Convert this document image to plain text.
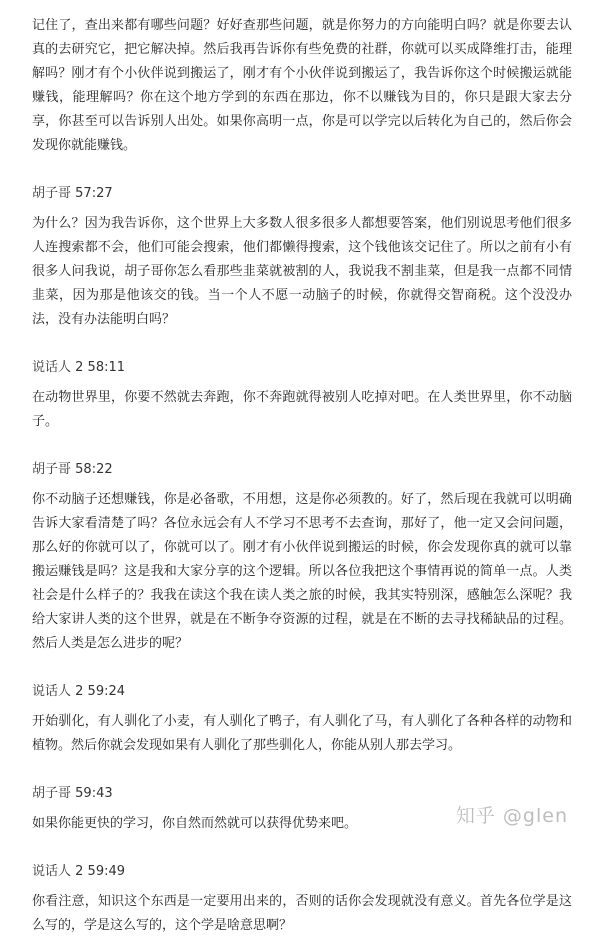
记住了，查出来都有哪些问题？好好查那些问题，就是你努力的方向能明白吗？就是你要去认真的去研究它，把它解决掉。然后我再告诉你有些免费的社群，你就可以买成降维打击，能理解吗？刚才有个小伙伴说到搬运了，刚才有个小伙伴说到搬运了，我告诉你这个时候搬运就能赚钱，能理解吗？你在这个地方学到的东西在那边，你不以赚钱为目的，你只是跟大家去分享，你甚至可以告诉别人出处。如果你高明一点，你是可以学完以后转化为自己的，然后你会发现你就能赚钱。

胡子哥 57:27

为什么？因为我告诉你，这个世界上大多数人很多很多人都想要答案，他们别说思考他们很多人连搜索都不会，他们可能会搜索，他们都懒得搜索，这个钱他该交记住了。所以之前有小有很多人问我说，胡子哥你怎么看那些韭菜就被割的人，我说我不割韭菜，但是我一点都不同情韭菜，因为那是他该交的钱。当一个人不愿一动脑子的时候，你就得交智商税。这个没没办法，没有办法能明白吗？

说话人 2 58:11

在动物世界里，你要不然就去奔跑，你不奔跑就得被别人吃掉对吧。在人类世界里，你不动脑子。

胡子哥 58:22

你不动脑子还想赚钱，你是必备歌，不用想，这是你必须教的。好了，然后现在我就可以明确告诉大家看清楚了吗？各位永远会有人不学习不思考不去查询，那好了，他一定又会问问题，那么好的你就可以了，你就可以了。刚才有小伙伴说到搬运的时候，你会发现你真的就可以靠搬运赚钱是吗？这是我和大家分享的这个逻辑。所以各位我把这个事情再说的简单一点。人类社会是什么样子的？我我在读这个我在读人类之旅的时候，我其实特别深，感触怎么深呢？我给大家讲人类的这个世界，就是在不断争夺资源的过程，就是在不断的去寻找稀缺品的过程。然后人类是怎么进步的呢？

说话人 2 59:24

开始驯化，有人驯化了小麦，有人驯化了鸭子，有人驯化了马，有人驯化了各种各样的动物和植物。然后你就会发现如果有人驯化了那些驯化人，你能从别人那去学习。

胡子哥 59:43

如果你能更快的学习，你自然而然就可以获得优势来吧。

说话人 2 59:49

你看注意，知识这个东西是一定要用出来的，否则的话你会发现就没有意义。首先各位学是这么写的，学是这么写的，这个学是啥意思啊？

知乎 @glen
